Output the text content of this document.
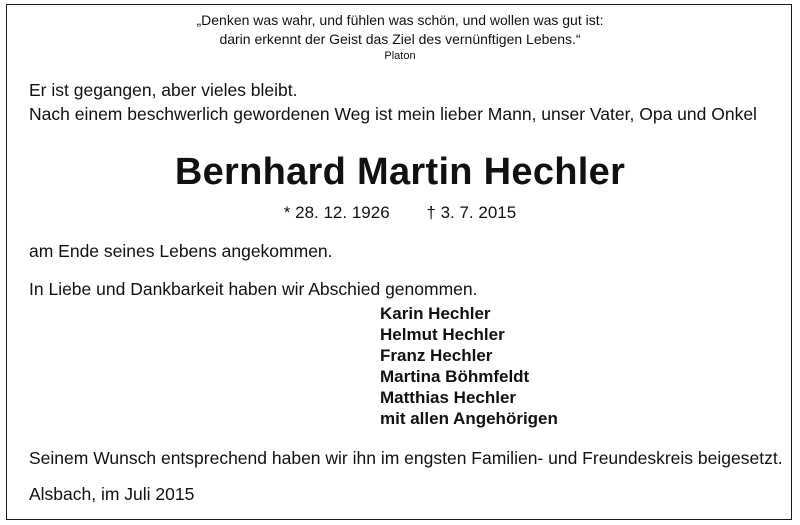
„Denken was wahr, und fühlen was schön, und wollen was gut ist:
darin erkennt der Geist das Ziel des vernünftigen Lebens.“
Platon
Er ist gegangen, aber vieles bleibt.
Nach einem beschwerlich gewordenen Weg ist mein lieber Mann, unser Vater, Opa und Onkel
Bernhard Martin Hechler
* 28. 12. 1926 † 3. 7. 2015
am Ende seines Lebens angekommen.
In Liebe und Dankbarkeit haben wir Abschied genommen.
Karin Hechler
Helmut Hechler
Franz Hechler
Martina Böhmfeldt
Matthias Hechler
mit allen Angehörigen
Seinem Wunsch entsprechend haben wir ihn im engsten Familien- und Freundeskreis beigesetzt.
Alsbach, im Juli 2015
